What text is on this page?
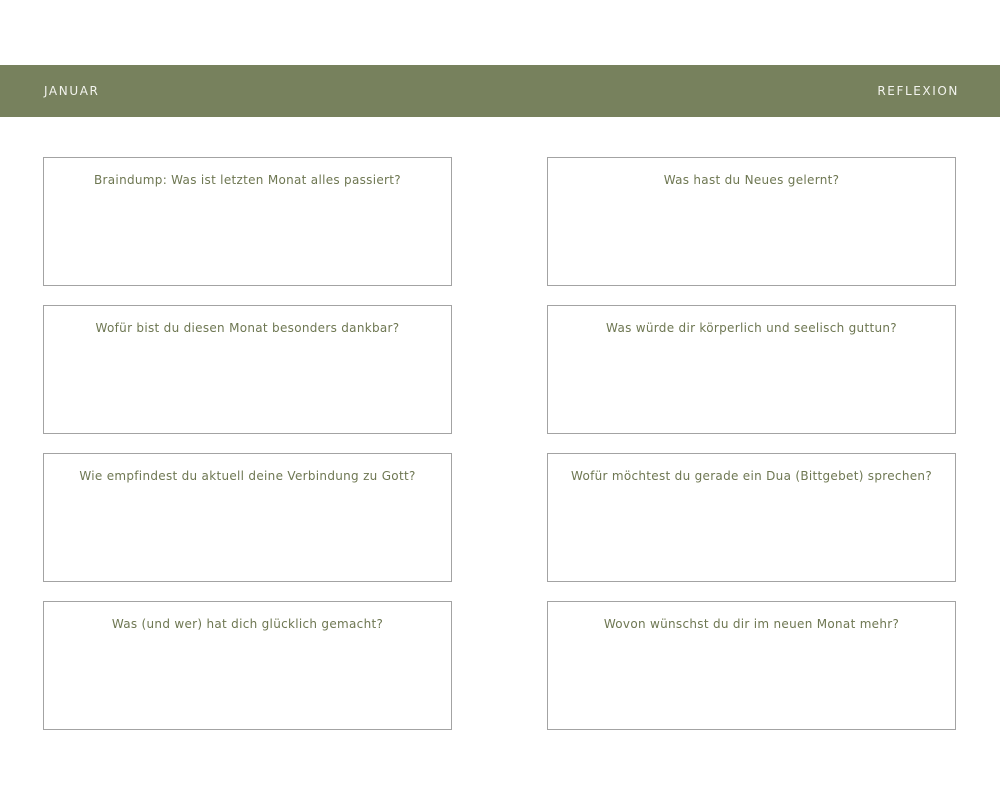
JANUAR	REFLEXION
Braindump: Was ist letzten Monat alles passiert?	Was hast du Neues gelernt?
Wofür bist du diesen Monat besonders dankbar?	Was würde dir körperlich und seelisch guttun?
Wie empfindest du aktuell deine Verbindung zu Gott?	Wofür möchtest du gerade ein Dua (Bittgebet) sprechen?
Was (und wer) hat dich glücklich gemacht?	Wovon wünschst du dir im neuen Monat mehr?
